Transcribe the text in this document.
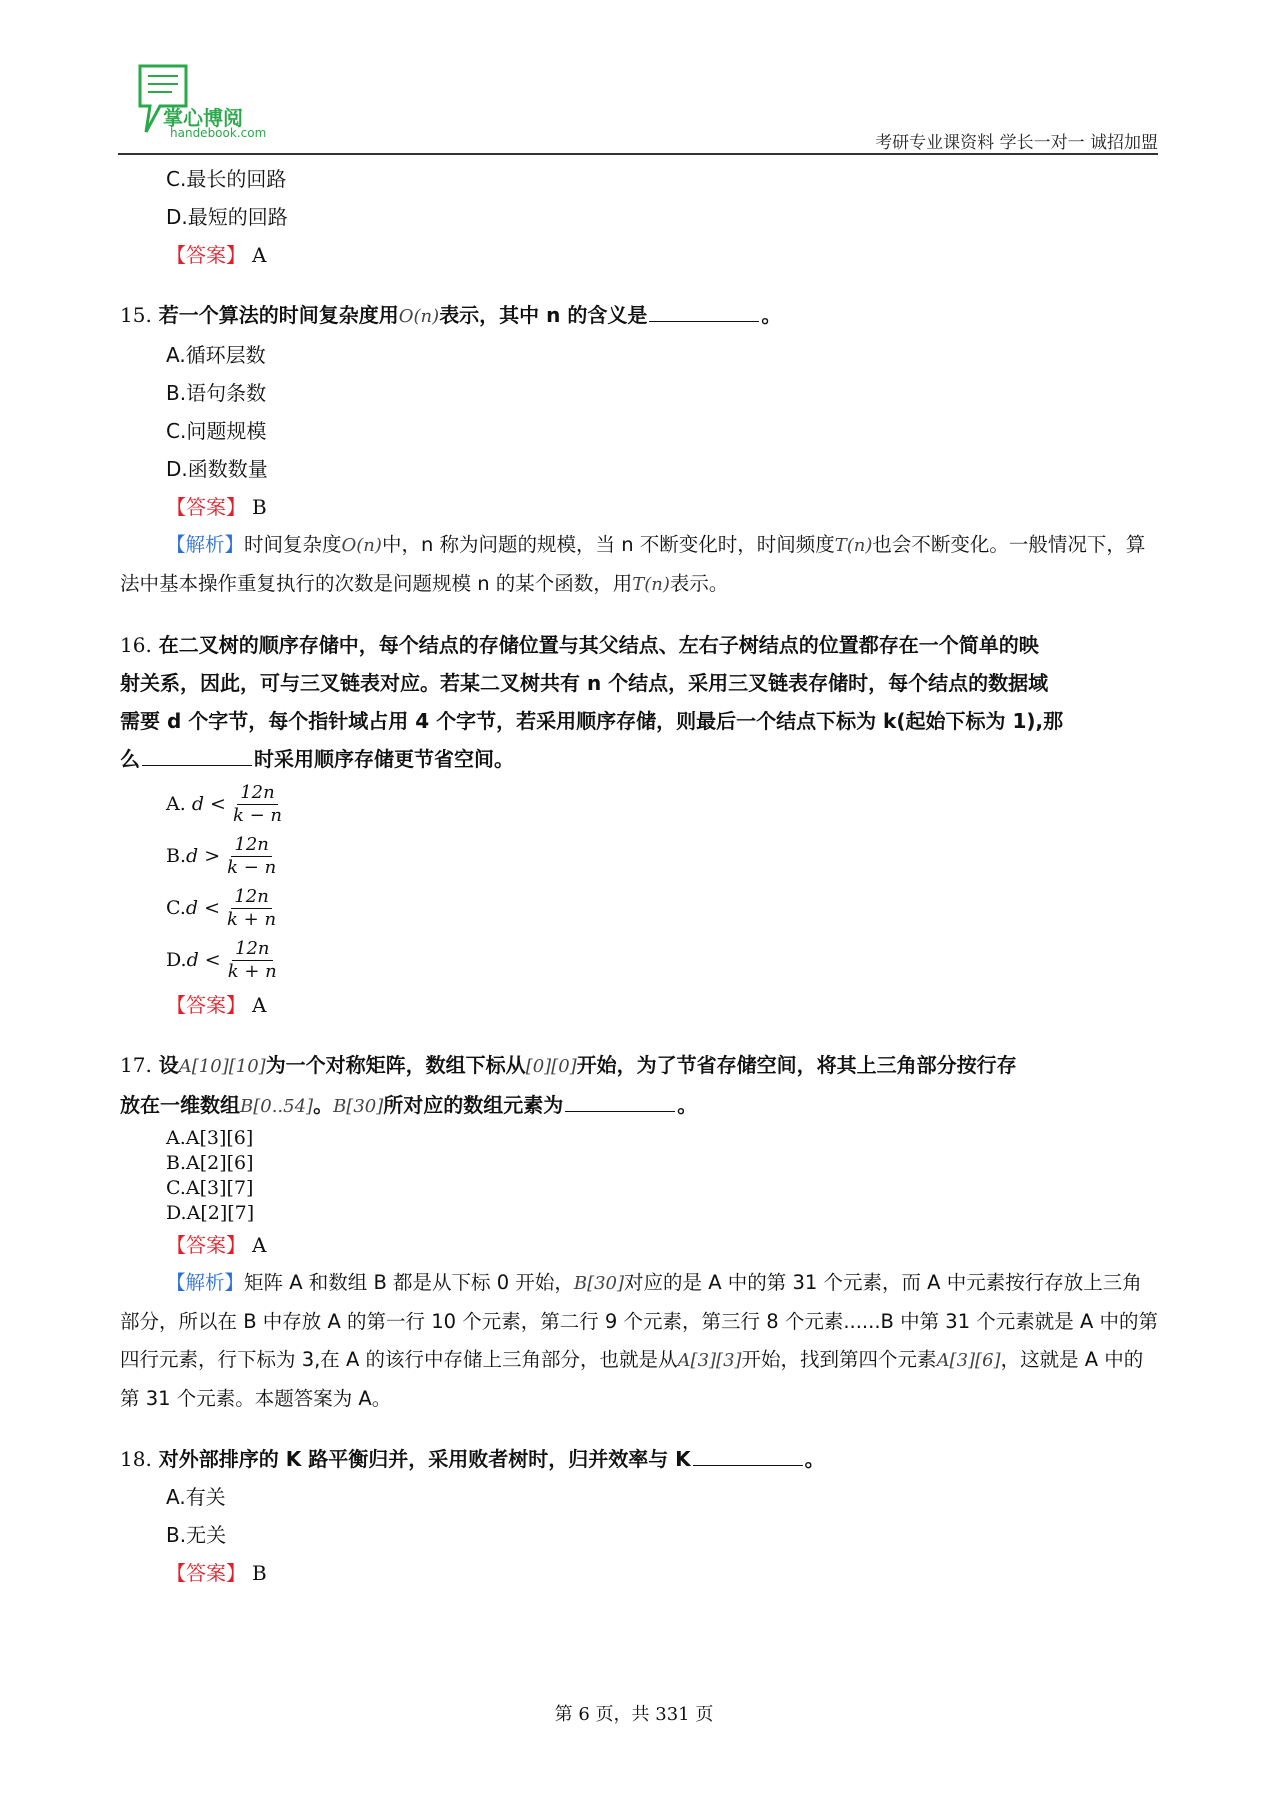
掌心博阅
handebook.com	考研专业课资料 学长一对一 诚招加盟
C.最长的回路
D.最短的回路
【答案】 A
15. 若一个算法的时间复杂度用O(n)表示，其中 n 的含义是	。
A.循环层数
B.语句条数
C.问题规模
D.函数数量
【答案】 B
【解析】时间复杂度O(n)中，n 称为问题的规模，当 n 不断变化时，时间频度T(n)也会不断变化。一般情况下，算法中基本操作重复执行的次数是问题规模 n 的某个函数，用T(n)表示。
16. 在二叉树的顺序存储中，每个结点的存储位置与其父结点、左右子树结点的位置都存在一个简单的映
射关系，因此，可与三叉链表对应。若某二叉树共有 n 个结点，采用三叉链表存储时，每个结点的数据域
需要 d 个字节，每个指针域占用 4 个字节，若采用顺序存储，则最后一个结点下标为 k(起始下标为 1),那
么	时采用顺序存储更节省空间。
A.
$d < \frac{12n}{k - n}$
B. $d > \frac{12n}{k - n}$
C. $d < \frac{12n}{k + n}$
D. $d < \frac{12n}{k + n}$
【答案】 A
17. 设A[10][10]为一个对称矩阵，数组下标从[0][0]开始，为了节省存储空间，将其上三角部分按行存
放在一维数组B[0..54]。B[30]所对应的数组元素为	。
A.A[3][6]
B.A[2][6]
C.A[3][7]
D.A[2][7]
【答案】 A
【解析】矩阵 A 和数组 B 都是从下标 0 开始，B[30]对应的是 A 中的第 31 个元素，而 A 中元素按行存放上三角部分，所以在 B 中存放 A 的第一行 10 个元素，第二行 9 个元素，第三行 8 个元素......B 中第 31 个元素就是 A 中的第四行元素，行下标为 3,在 A 的该行中存储上三角部分，也就是从A[3][3]开始，找到第四个元素A[3][6]，这就是 A 中的第 31 个元素。本题答案为 A。
18. 对外部排序的 K 路平衡归并，采用败者树时，归并效率与 K	。
A.有关
B.无关
【答案】 B
第 6 页，共 331 页
